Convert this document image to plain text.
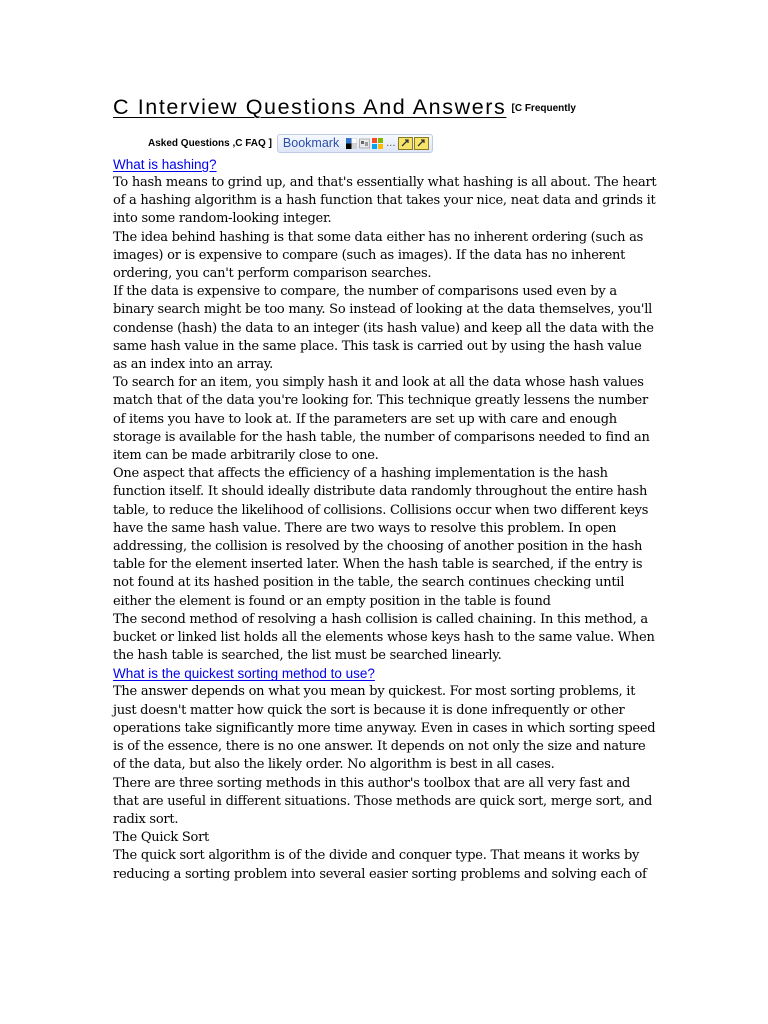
C Interview Questions And Answers [C Frequently
Asked Questions ,C FAQ ] Bookmark	...
What is hashing?

To hash means to grind up, and that's essentially what hashing is all about. The heart of a hashing algorithm is a hash function that takes your nice, neat data and grinds it into some random-looking integer.

The idea behind hashing is that some data either has no inherent ordering (such as images) or is expensive to compare (such as images). If the data has no inherent ordering, you can't perform comparison searches.

If the data is expensive to compare, the number of comparisons used even by a binary search might be too many. So instead of looking at the data themselves, you'll condense (hash) the data to an integer (its hash value) and keep all the data with the same hash value in the same place. This task is carried out by using the hash value as an index into an array.

To search for an item, you simply hash it and look at all the data whose hash values match that of the data you're looking for. This technique greatly lessens the number of items you have to look at. If the parameters are set up with care and enough storage is available for the hash table, the number of comparisons needed to find an item can be made arbitrarily close to one.

One aspect that affects the efficiency of a hashing implementation is the hash function itself. It should ideally distribute data randomly throughout the entire hash table, to reduce the likelihood of collisions. Collisions occur when two different keys have the same hash value. There are two ways to resolve this problem. In open addressing, the collision is resolved by the choosing of another position in the hash table for the element inserted later. When the hash table is searched, if the entry is not found at its hashed position in the table, the search continues checking until either the element is found or an empty position in the table is found

The second method of resolving a hash collision is called chaining. In this method, a bucket or linked list holds all the elements whose keys hash to the same value. When the hash table is searched, the list must be searched linearly.

What is the quickest sorting method to use?

The answer depends on what you mean by quickest. For most sorting problems, it just doesn't matter how quick the sort is because it is done infrequently or other operations take significantly more time anyway. Even in cases in which sorting speed is of the essence, there is no one answer. It depends on not only the size and nature of the data, but also the likely order. No algorithm is best in all cases.

There are three sorting methods in this author's toolbox that are all very fast and that are useful in different situations. Those methods are quick sort, merge sort, and radix sort.

The Quick Sort

The quick sort algorithm is of the divide and conquer type. That means it works by reducing a sorting problem into several easier sorting problems and solving each of
